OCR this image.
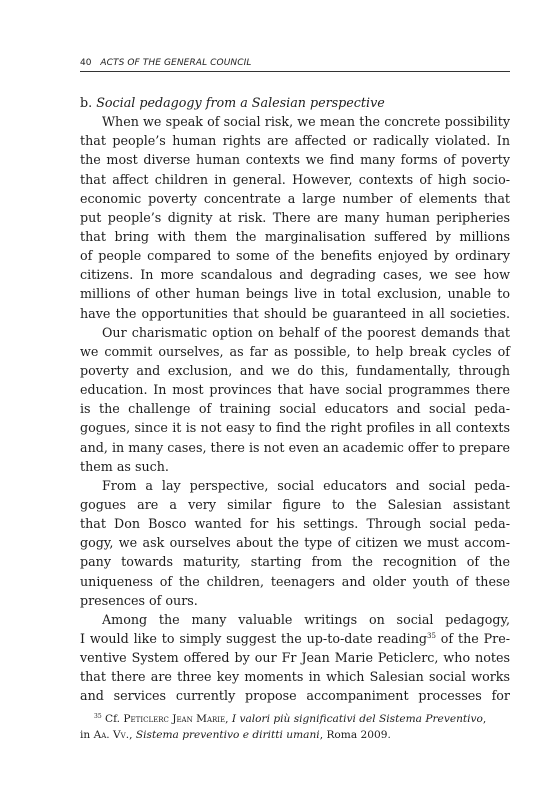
40 ACTS OF THE GENERAL COUNCIL
b. Social pedagogy from a Salesian perspective
When we speak of social risk, we mean the concrete possibility
that people’s human rights are affected or radically violated. In
the most diverse human contexts we find many forms of poverty
that affect children in general. However, contexts of high socio-
economic poverty concentrate a large number of elements that
put people’s dignity at risk. There are many human peripheries
that bring with them the marginalisation suffered by millions
of people compared to some of the benefits enjoyed by ordinary
citizens. In more scandalous and degrading cases, we see how
millions of other human beings live in total exclusion, unable to
have the opportunities that should be guaranteed in all societies.
Our charismatic option on behalf of the poorest demands that
we commit ourselves, as far as possible, to help break cycles of
poverty and exclusion, and we do this, fundamentally, through
education. In most provinces that have social programmes there
is the challenge of training social educators and social peda-
gogues, since it is not easy to find the right profiles in all contexts
and, in many cases, there is not even an academic offer to prepare
them as such.
From a lay perspective, social educators and social peda-
gogues are a very similar figure to the Salesian assistant
that Don Bosco wanted for his settings. Through social peda-
gogy, we ask ourselves about the type of citizen we must accom-
pany towards maturity, starting from the recognition of the
uniqueness of the children, teenagers and older youth of these
presences of ours.
Among the many valuable writings on social pedagogy,
I would like to simply suggest the up-to-date reading$^{35}$ of the Pre-
ventive System offered by our Fr Jean Marie Peticlerc, who notes
that there are three key moments in which Salesian social works
and services currently propose accompaniment processes for
$^{35}$ Cf. Peticlerc Jean Marie, I valori più significativi del Sistema Preventivo,
in Aa. Vv., Sistema preventivo e diritti umani, Roma 2009.
